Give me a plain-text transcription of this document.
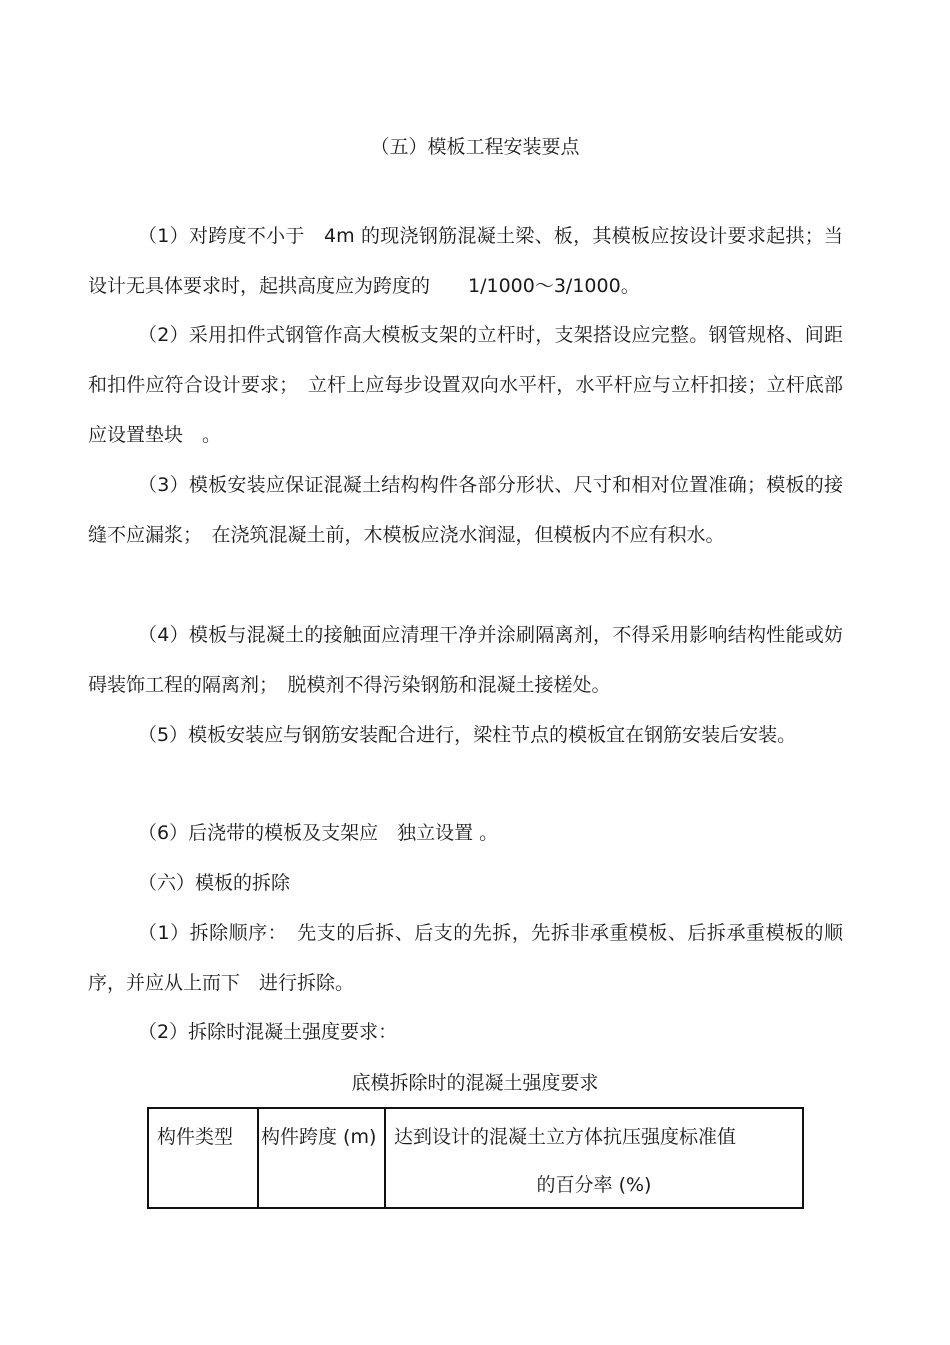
（五）模板工程安装要点
（1）对跨度不小于　4m 的现浇钢筋混凝土梁、板，其模板应按设计要求起拱；当设计无具体要求时，起拱高度应为跨度的　　1/1000～3/1000。
（2）采用扣件式钢管作高大模板支架的立杆时，支架搭设应完整。钢管规格、间距和扣件应符合设计要求；　立杆上应每步设置双向水平杆，水平杆应与立杆扣接；立杆底部应设置垫块　。
（3）模板安装应保证混凝土结构构件各部分形状、尺寸和相对位置准确；模板的接缝不应漏浆；　在浇筑混凝土前，木模板应浇水润湿，但模板内不应有积水。
（4）模板与混凝土的接触面应清理干净并涂刷隔离剂，不得采用影响结构性能或妨碍装饰工程的隔离剂；　脱模剂不得污染钢筋和混凝土接槎处。
（5）模板安装应与钢筋安装配合进行，梁柱节点的模板宜在钢筋安装后安装。
（6）后浇带的模板及支架应　独立设置 。
（六）模板的拆除
（1）拆除顺序：　先支的后拆、后支的先拆，先拆非承重模板、后拆承重模板的顺序，并应从上而下　进行拆除。
（2）拆除时混凝土强度要求：
底模拆除时的混凝土强度要求
构件类型	构件跨度 (m)	达到设计的混凝土立方体抗压强度标准值
的百分率 (%)
